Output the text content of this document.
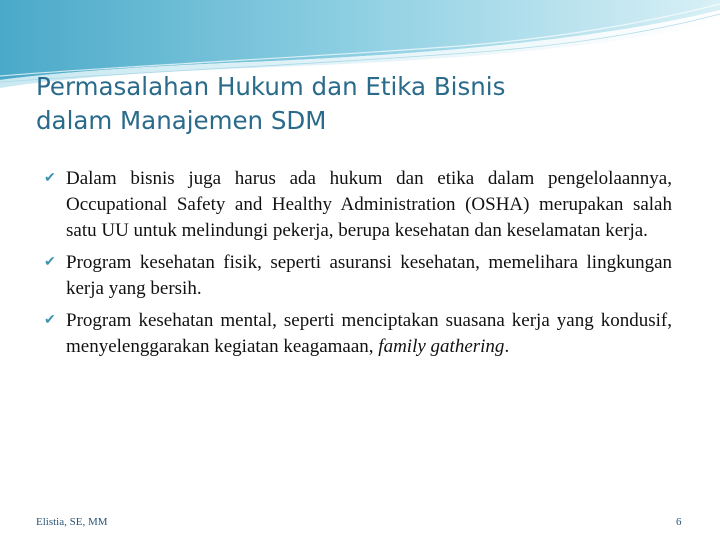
Permasalahan Hukum dan Etika Bisnis
dalam Manajemen SDM
✔ Dalam bisnis juga harus ada hukum dan etika dalam pengelolaannya, Occupational Safety and Healthy Administration (OSHA) merupakan salah satu UU untuk melindungi pekerja, berupa kesehatan dan keselamatan kerja.
✔ Program kesehatan fisik, seperti asuransi kesehatan, memelihara lingkungan kerja yang bersih.
✔ Program kesehatan mental, seperti menciptakan suasana kerja yang kondusif, menyelenggarakan kegiatan keagamaan, family gathering.
Elistia, SE, MM	6
